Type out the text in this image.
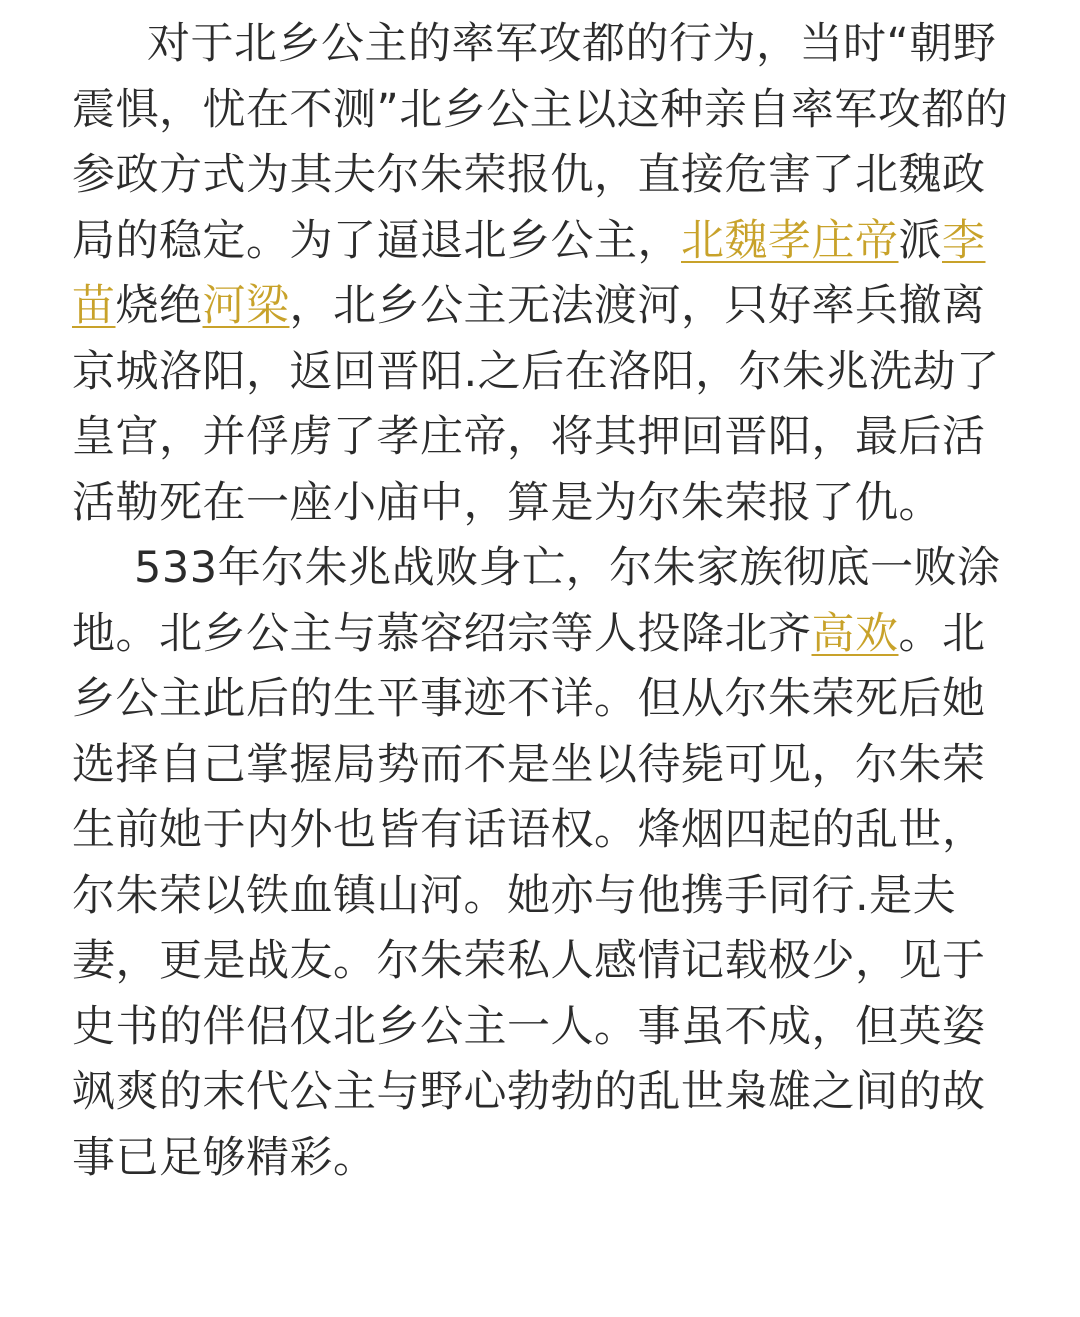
对于北乡公主的率军攻都的行为，当时“朝野震惧，忧在不测”北乡公主以这种亲自率军攻都的参政方式为其夫尔朱荣报仇，直接危害了北魏政局的稳定。为了逼退北乡公主，北魏孝庄帝派李苗烧绝河梁，北乡公主无法渡河，只好率兵撤离京城洛阳，返回晋阳.之后在洛阳，尔朱兆洗劫了皇宫，并俘虏了孝庄帝，将其押回晋阳，最后活活勒死在一座小庙中，算是为尔朱荣报了仇。

533年尔朱兆战败身亡，尔朱家族彻底一败涂地。北乡公主与慕容绍宗等人投降北齐高欢。北乡公主此后的生平事迹不详。但从尔朱荣死后她选择自己掌握局势而不是坐以待毙可见，尔朱荣生前她于内外也皆有话语权。烽烟四起的乱世，尔朱荣以铁血镇山河。她亦与他携手同行.是夫妻，更是战友。尔朱荣私人感情记载极少，见于史书的伴侣仅北乡公主一人。事虽不成，但英姿飒爽的末代公主与野心勃勃的乱世枭雄之间的故事已足够精彩。
